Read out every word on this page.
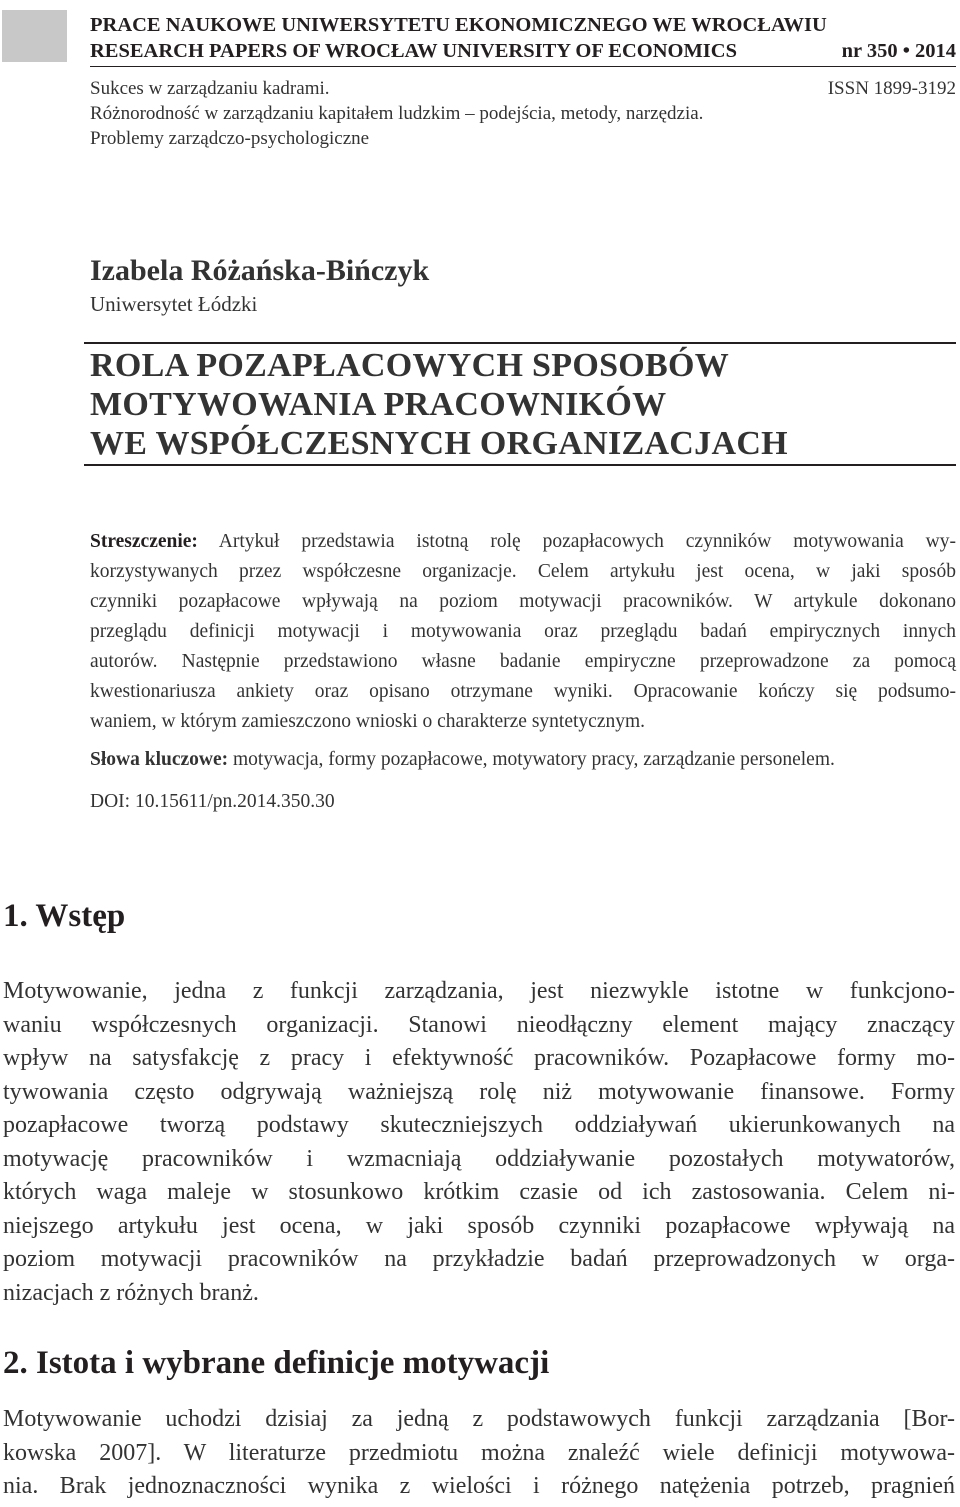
PRACE NAUKOWE UNIWERSYTETU EKONOMICZNEGO WE WROCŁAWIU
RESEARCH PAPERS OF WROCŁAW UNIVERSITY OF ECONOMICS	nr 350 • 2014
Sukces w zarządzaniu kadrami.
Różnorodność w zarządzaniu kapitałem ludzkim – podejścia, metody, narzędzia.
Problemy zarządczo-psychologiczne
ISSN 1899-3192
Izabela Różańska-Bińczyk
Uniwersytet Łódzki
ROLA POZAPŁACOWYCH SPOSOBÓW
MOTYWOWANIA PRACOWNIKÓW
WE WSPÓŁCZESNYCH ORGANIZACJACH
Streszczenie: Artykuł przedstawia istotną rolę pozapłacowych czynników motywowania wy-
korzystywanych przez współczesne organizacje. Celem artykułu jest ocena, w jaki sposób
czynniki pozapłacowe wpływają na poziom motywacji pracowników. W artykule dokonano
przeglądu definicji motywacji i motywowania oraz przeglądu badań empirycznych innych
autorów. Następnie przedstawiono własne badanie empiryczne przeprowadzone za pomocą
kwestionariusza ankiety oraz opisano otrzymane wyniki. Opracowanie kończy się podsumo-
waniem, w którym zamieszczono wnioski o charakterze syntetycznym.
Słowa kluczowe: motywacja, formy pozapłacowe, motywatory pracy, zarządzanie personelem.
DOI: 10.15611/pn.2014.350.30
1. Wstęp
Motywowanie, jedna z funkcji zarządzania, jest niezwykle istotne w funkcjono-
waniu współczesnych organizacji. Stanowi nieodłączny element mający znaczący
wpływ na satysfakcję z pracy i efektywność pracowników. Pozapłacowe formy mo-
tywowania często odgrywają ważniejszą rolę niż motywowanie finansowe. Formy
pozapłacowe tworzą podstawy skuteczniejszych oddziaływań ukierunkowanych na
motywację pracowników i wzmacniają oddziaływanie pozostałych motywatorów,
których waga maleje w stosunkowo krótkim czasie od ich zastosowania. Celem ni-
niejszego artykułu jest ocena, w jaki sposób czynniki pozapłacowe wpływają na
poziom motywacji pracowników na przykładzie badań przeprowadzonych w orga-
nizacjach z różnych branż.
2. Istota i wybrane definicje motywacji
Motywowanie uchodzi dzisiaj za jedną z podstawowych funkcji zarządzania [Bor-
kowska 2007]. W literaturze przedmiotu można znaleźć wiele definicji motywowa-
nia. Brak jednoznaczności wynika z wielości i różnego natężenia potrzeb, pragnień
